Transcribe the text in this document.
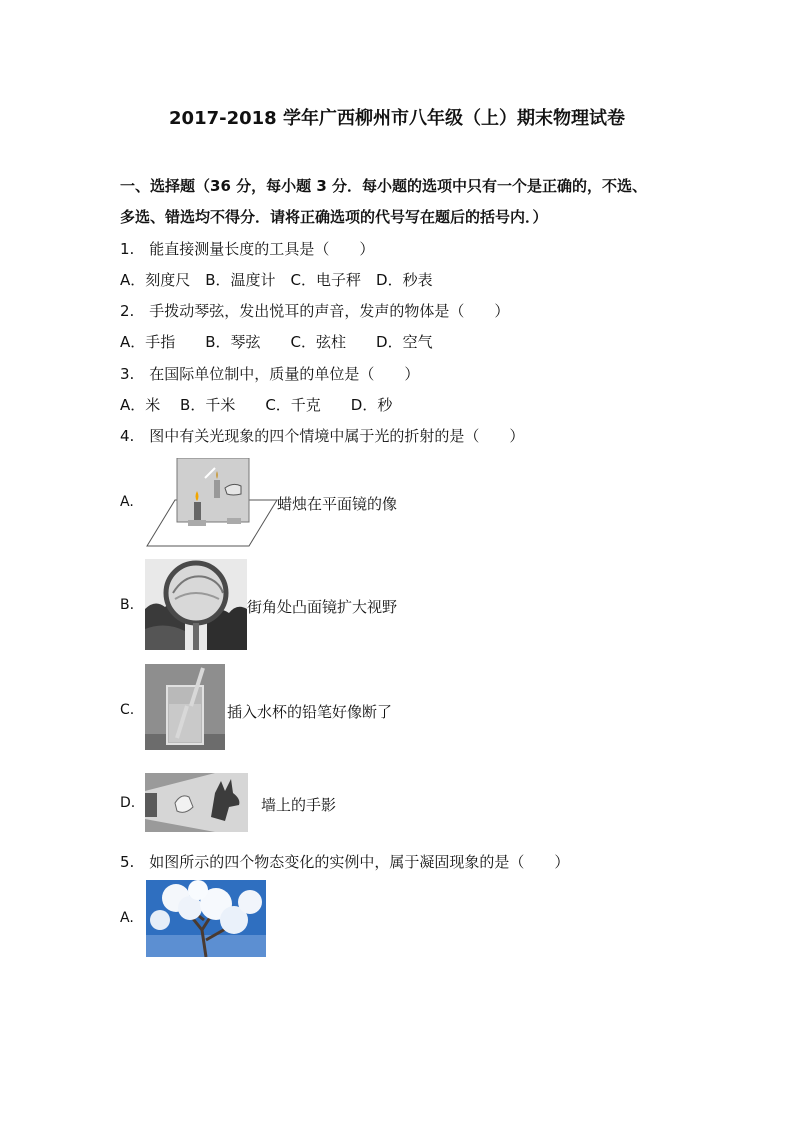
2017-2018 学年广西柳州市八年级（上）期末物理试卷
一、选择题（36 分，每小题 3 分．每小题的选项中只有一个是正确的，不选、
多选、错选均不得分．请将正确选项的代号写在题后的括号内．）
1.　能直接测量长度的工具是（　　）
A．刻度尺　B．温度计　C．电子秤　D．秒表
2.　手拨动琴弦，发出悦耳的声音，发声的物体是（　　）
A．手指　　B．琴弦　　C．弦柱　　D．空气
3.　在国际单位制中，质量的单位是（　　）
A．米　 B．千米　　C．千克　　D．秒
4.　图中有关光现象的四个情境中属于光的折射的是（　　）
A.	蜡烛在平面镜的像
B.	街角处凸面镜扩大视野
C.	插入水杯的铅笔好像断了
D.	墙上的手影
5.　如图所示的四个物态变化的实例中，属于凝固现象的是（　　）
A.
